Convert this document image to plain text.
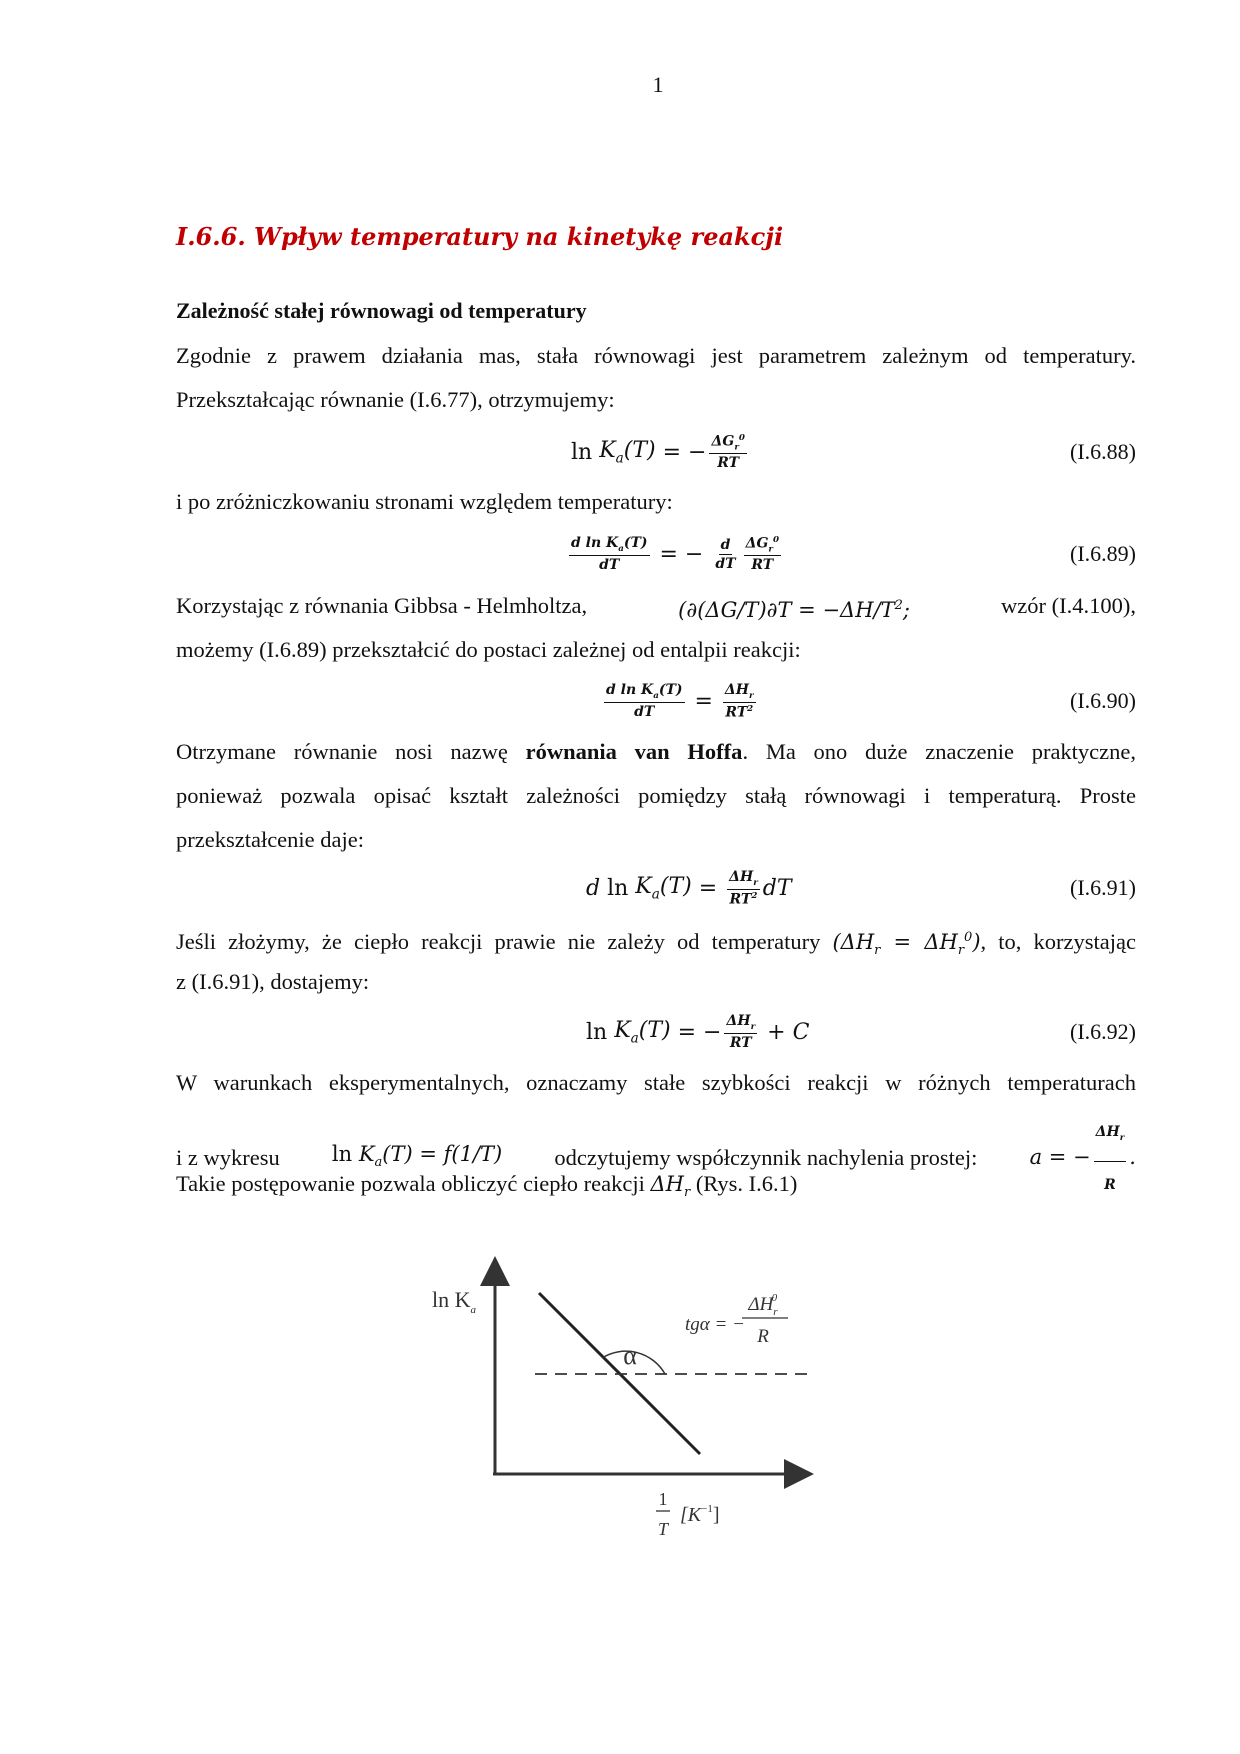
1
I.6.6. Wpływ temperatury na kinetykę reakcji
Zależność stałej równowagi od temperatury

Zgodnie z prawem działania mas, stała równowagi jest parametrem zależnym od temperatury.

Przekształcając równanie (I.6.77), otrzymujemy:

$\ln K_a(T)$ = − $\frac{\Delta G_r^0}{RT}$	(I.6.88)

i po zróżniczkowaniu stronami względem temperatury:

$\frac{d \ln K_a(T)}{dT}$ = − $\frac{d}{dT} \frac{\Delta G_r^0}{RT}$	(I.6.89)

Korzystając z równania Gibbsa - Helmholtza,	($\partial(\Delta G/T)\partial T = -\Delta H/T^2$;	wzór (I.4.100),

możemy (I.6.89) przekształcić do postaci zależnej od entalpii reakcji:

$\frac{d \ln K_a(T)}{dT} = \frac{\Delta H_r}{RT^2}$	(I.6.90)

Otrzymane równanie nosi nazwę równania van Hoffa. Ma ono duże znaczenie praktyczne,

ponieważ pozwala opisać kształt zależności pomiędzy stałą równowagi i temperaturą. Proste

przekształcenie daje:

d $\ln K_a(T) = \frac{\Delta H_r}{RT^2}$ dT	(I.6.91)

Jeśli złożymy, że ciepło reakcji prawie nie zależy od temperatury $(\Delta H_r = \Delta H_r^0)$, to, korzystając

z (I.6.91), dostajemy:

$\ln K_a(T)$ = − $\frac{\Delta H_r}{RT} + C$	(I.6.92)

W warunkach eksperymentalnych, oznaczamy stałe szybkości reakcji w różnych temperaturach

i z wykresu $\ln K_a(T) = f(1/T)$ odczytujemy współczynnik nachylenia prostej: a = − $\frac{\Delta H_r}{R}$ .

Takie postępowanie pozwala obliczyć ciepło reakcji $\Delta H_r$ (Rys. I.6.1)

α
$\ln K_a$
tgα = −
$\Delta H_r0$
R
1
T
$[K^{-1}]$
